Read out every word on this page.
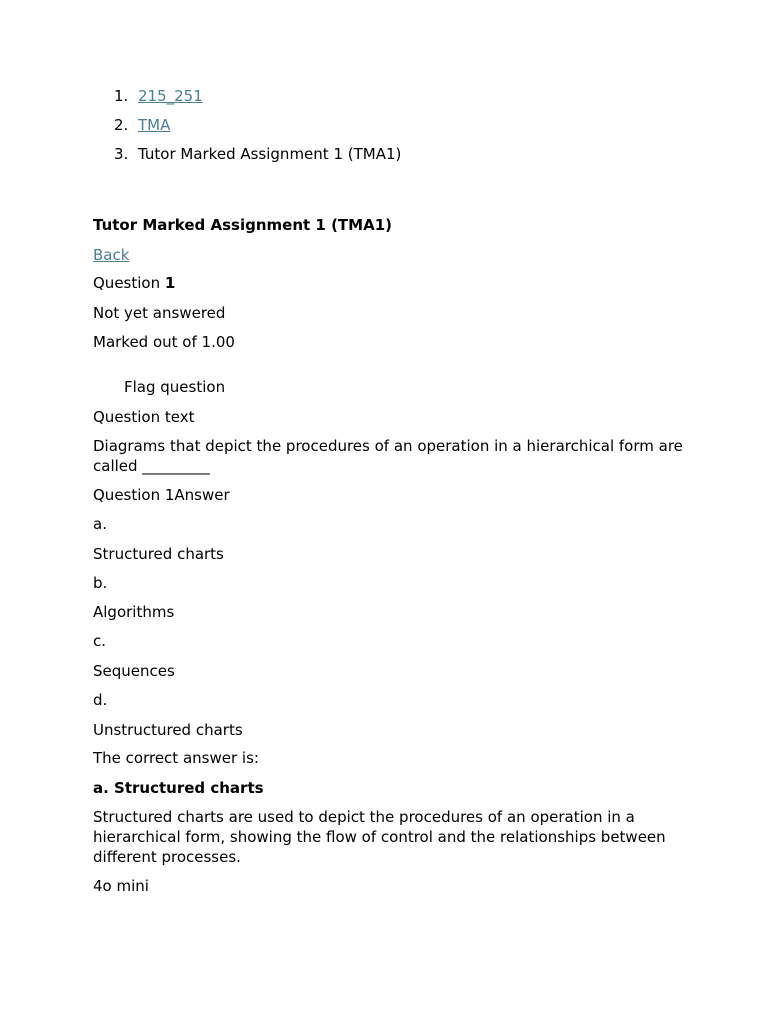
1. 215_251
2. TMA
3. Tutor Marked Assignment 1 (TMA1)
Tutor Marked Assignment 1 (TMA1)
Back
Question 1
Not yet answered
Marked out of 1.00
Flag question
Question text
Diagrams that depict the procedures of an operation in a hierarchical form are called _________
Question 1Answer
a.
Structured charts
b.
Algorithms
c.
Sequences
d.
Unstructured charts
The correct answer is:
a. Structured charts
Structured charts are used to depict the procedures of an operation in a hierarchical form, showing the flow of control and the relationships between different processes.
4o mini
